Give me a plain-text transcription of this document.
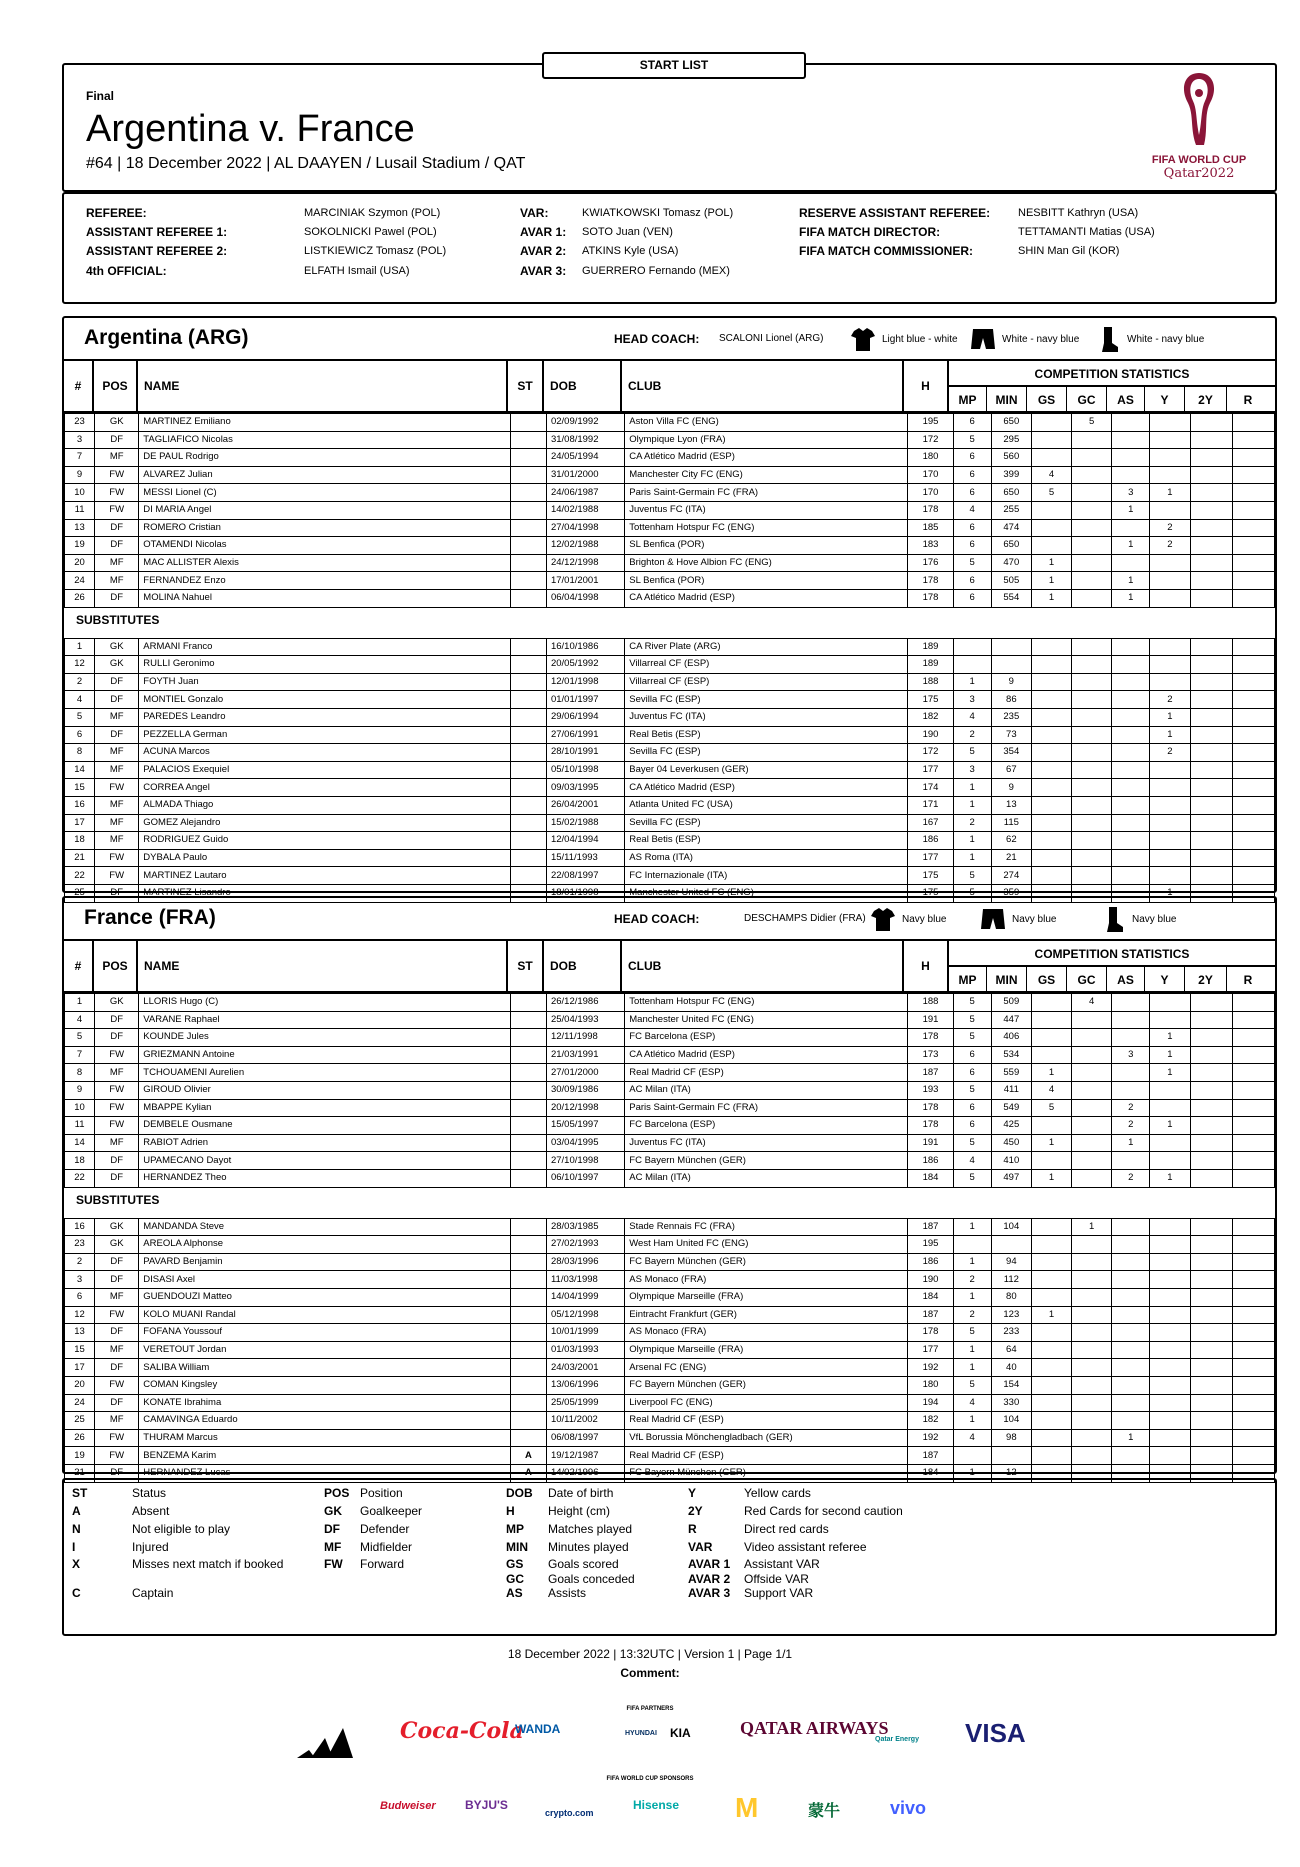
START LIST
Final
Argentina v. France
#64 | 18 December 2022 | AL DAAYEN / Lusail Stadium / QAT	FIFA WORLD CUP
Qatar2022
REFEREE:	MARCINIAK Szymon (POL)
ASSISTANT REFEREE 1:	SOKOLNICKI Pawel (POL)
ASSISTANT REFEREE 2:	LISTKIEWICZ Tomasz (POL)
4th OFFICIAL:	ELFATH Ismail (USA)
VAR:	KWIATKOWSKI Tomasz (POL)
AVAR 1: SOTO Juan (VEN)
AVAR 2: ATKINS Kyle (USA)
AVAR 3: GUERRERO Fernando (MEX)
RESERVE ASSISTANT REFEREE:	NESBITT Kathryn (USA)
FIFA MATCH DIRECTOR:	TETTAMANTI Matias (USA)
FIFA MATCH COMMISSIONER:	SHIN Man Gil (KOR)
Argentina (ARG)	HEAD COACH: SCALONI Lionel (ARG)	Light blue - white	White - navy blue	White - navy blue
#	POS	NAME	ST	DOB	CLUB	H
COMPETITION STATISTICS
MP	MIN	GS	GC	AS	Y	2Y	R
23	GK	MARTINEZ Emiliano		02/09/1992	Aston Villa FC (ENG)	195	6	650		5				
3	DF	TAGLIAFICO Nicolas		31/08/1992	Olympique Lyon (FRA)	172	5	295						
7	MF	DE PAUL Rodrigo		24/05/1994	CA Atlético Madrid (ESP)	180	6	560						
9	FW	ALVAREZ Julian		31/01/2000	Manchester City FC (ENG)	170	6	399	4					
10	FW	MESSI Lionel (C)		24/06/1987	Paris Saint-Germain FC (FRA)	170	6	650	5		3	1		
11	FW	DI MARIA Angel		14/02/1988	Juventus FC (ITA)	178	4	255			1			
13	DF	ROMERO Cristian		27/04/1998	Tottenham Hotspur FC (ENG)	185	6	474				2		
19	DF	OTAMENDI Nicolas		12/02/1988	SL Benfica (POR)	183	6	650			1	2		
20	MF	MAC ALLISTER Alexis		24/12/1998	Brighton & Hove Albion FC (ENG)	176	5	470	1					
24	MF	FERNANDEZ Enzo		17/01/2001	SL Benfica (POR)	178	6	505	1		1			
26	DF	MOLINA Nahuel		06/04/1998	CA Atlético Madrid (ESP)	178	6	554	1		1			
SUBSTITUTES
1	GK	ARMANI Franco		16/10/1986	CA River Plate (ARG)	189								
12	GK	RULLI Geronimo		20/05/1992	Villarreal CF (ESP)	189								
2	DF	FOYTH Juan		12/01/1998	Villarreal CF (ESP)	188	1	9						
4	DF	MONTIEL Gonzalo		01/01/1997	Sevilla FC (ESP)	175	3	86				2		
5	MF	PAREDES Leandro		29/06/1994	Juventus FC (ITA)	182	4	235				1		
6	DF	PEZZELLA German		27/06/1991	Real Betis (ESP)	190	2	73				1		
8	MF	ACUNA Marcos		28/10/1991	Sevilla FC (ESP)	172	5	354				2		
14	MF	PALACIOS Exequiel		05/10/1998	Bayer 04 Leverkusen (GER)	177	3	67						
15	FW	CORREA Angel		09/03/1995	CA Atlético Madrid (ESP)	174	1	9						
16	MF	ALMADA Thiago		26/04/2001	Atlanta United FC (USA)	171	1	13						
17	MF	GOMEZ Alejandro		15/02/1988	Sevilla FC (ESP)	167	2	115						
18	MF	RODRIGUEZ Guido		12/04/1994	Real Betis (ESP)	186	1	62						
21	FW	DYBALA Paulo		15/11/1993	AS Roma (ITA)	177	1	21						
22	FW	MARTINEZ Lautaro		22/08/1997	FC Internazionale (ITA)	175	5	274						
25	DF	MARTINEZ Lisandro		18/01/1998	Manchester United FC (ENG)	175	5	359				1		
France (FRA)	HEAD COACH:	DESCHAMPS Didier (FRA)	Navy blue	Navy blue	Navy blue
#	POS	NAME	ST	DOB	CLUB	H
COMPETITION STATISTICS
MP	MIN	GS	GC	AS	Y	2Y	R
1	GK	LLORIS Hugo (C)		26/12/1986	Tottenham Hotspur FC (ENG)	188	5	509		4				
4	DF	VARANE Raphael		25/04/1993	Manchester United FC (ENG)	191	5	447						
5	DF	KOUNDE Jules		12/11/1998	FC Barcelona (ESP)	178	5	406				1		
7	FW	GRIEZMANN Antoine		21/03/1991	CA Atlético Madrid (ESP)	173	6	534			3	1		
8	MF	TCHOUAMENI Aurelien		27/01/2000	Real Madrid CF (ESP)	187	6	559	1			1		
9	FW	GIROUD Olivier		30/09/1986	AC Milan (ITA)	193	5	411	4					
10	FW	MBAPPE Kylian		20/12/1998	Paris Saint-Germain FC (FRA)	178	6	549	5		2			
11	FW	DEMBELE Ousmane		15/05/1997	FC Barcelona (ESP)	178	6	425			2	1		
14	MF	RABIOT Adrien		03/04/1995	Juventus FC (ITA)	191	5	450	1		1			
18	DF	UPAMECANO Dayot		27/10/1998	FC Bayern München (GER)	186	4	410						
22	DF	HERNANDEZ Theo		06/10/1997	AC Milan (ITA)	184	5	497	1		2	1		
SUBSTITUTES
16	GK	MANDANDA Steve		28/03/1985	Stade Rennais FC (FRA)	187	1	104		1				
23	GK	AREOLA Alphonse		27/02/1993	West Ham United FC (ENG)	195								
2	DF	PAVARD Benjamin		28/03/1996	FC Bayern München (GER)	186	1	94						
3	DF	DISASI Axel		11/03/1998	AS Monaco (FRA)	190	2	112						
6	MF	GUENDOUZI Matteo		14/04/1999	Olympique Marseille (FRA)	184	1	80						
12	FW	KOLO MUANI Randal		05/12/1998	Eintracht Frankfurt (GER)	187	2	123	1					
13	DF	FOFANA Youssouf		10/01/1999	AS Monaco (FRA)	178	5	233						
15	MF	VERETOUT Jordan		01/03/1993	Olympique Marseille (FRA)	177	1	64						
17	DF	SALIBA William		24/03/2001	Arsenal FC (ENG)	192	1	40						
20	FW	COMAN Kingsley		13/06/1996	FC Bayern München (GER)	180	5	154						
24	DF	KONATE Ibrahima		25/05/1999	Liverpool FC (ENG)	194	4	330						
25	MF	CAMAVINGA Eduardo		10/11/2002	Real Madrid CF (ESP)	182	1	104						
26	FW	THURAM Marcus		06/08/1997	VfL Borussia Mönchengladbach (GER)	192	4	98			1			
19	FW	BENZEMA Karim	A	19/12/1987	Real Madrid CF (ESP)	187								
21	DF	HERNANDEZ Lucas	A	14/02/1996	FC Bayern München (GER)	184	1	12						
ST	Status
A	Absent
N	Not eligible to play
I	Injured
X	Misses next match if booked
C	Captain
POS Position
GK Goalkeeper
DF Defender
MF Midfielder
FW Forward
DOB Date of birth
H	Height (cm)
MP Matches played
MIN Minutes played
GS Goals scored
GC Goals conceded
AS Assists
Y	Yellow cards
2Y	Red Cards for second caution
R	Direct red cards
VAR	Video assistant referee
AVAR 1 Assistant VAR
AVAR 2 Offside VAR
AVAR 3 Support VAR
18 December 2022 | 13:32UTC | Version 1 | Page 1/1
Comment:
FIFA PARTNERS
Coca-Cola
WANDA	HYUNDAI KIA	QATAR AIRWAYS
Qatar Energy VISA
FIFA WORLD CUP SPONSORS
Budweiser BYJU'S
crypto.com
Hisense M	蒙牛	vivo
